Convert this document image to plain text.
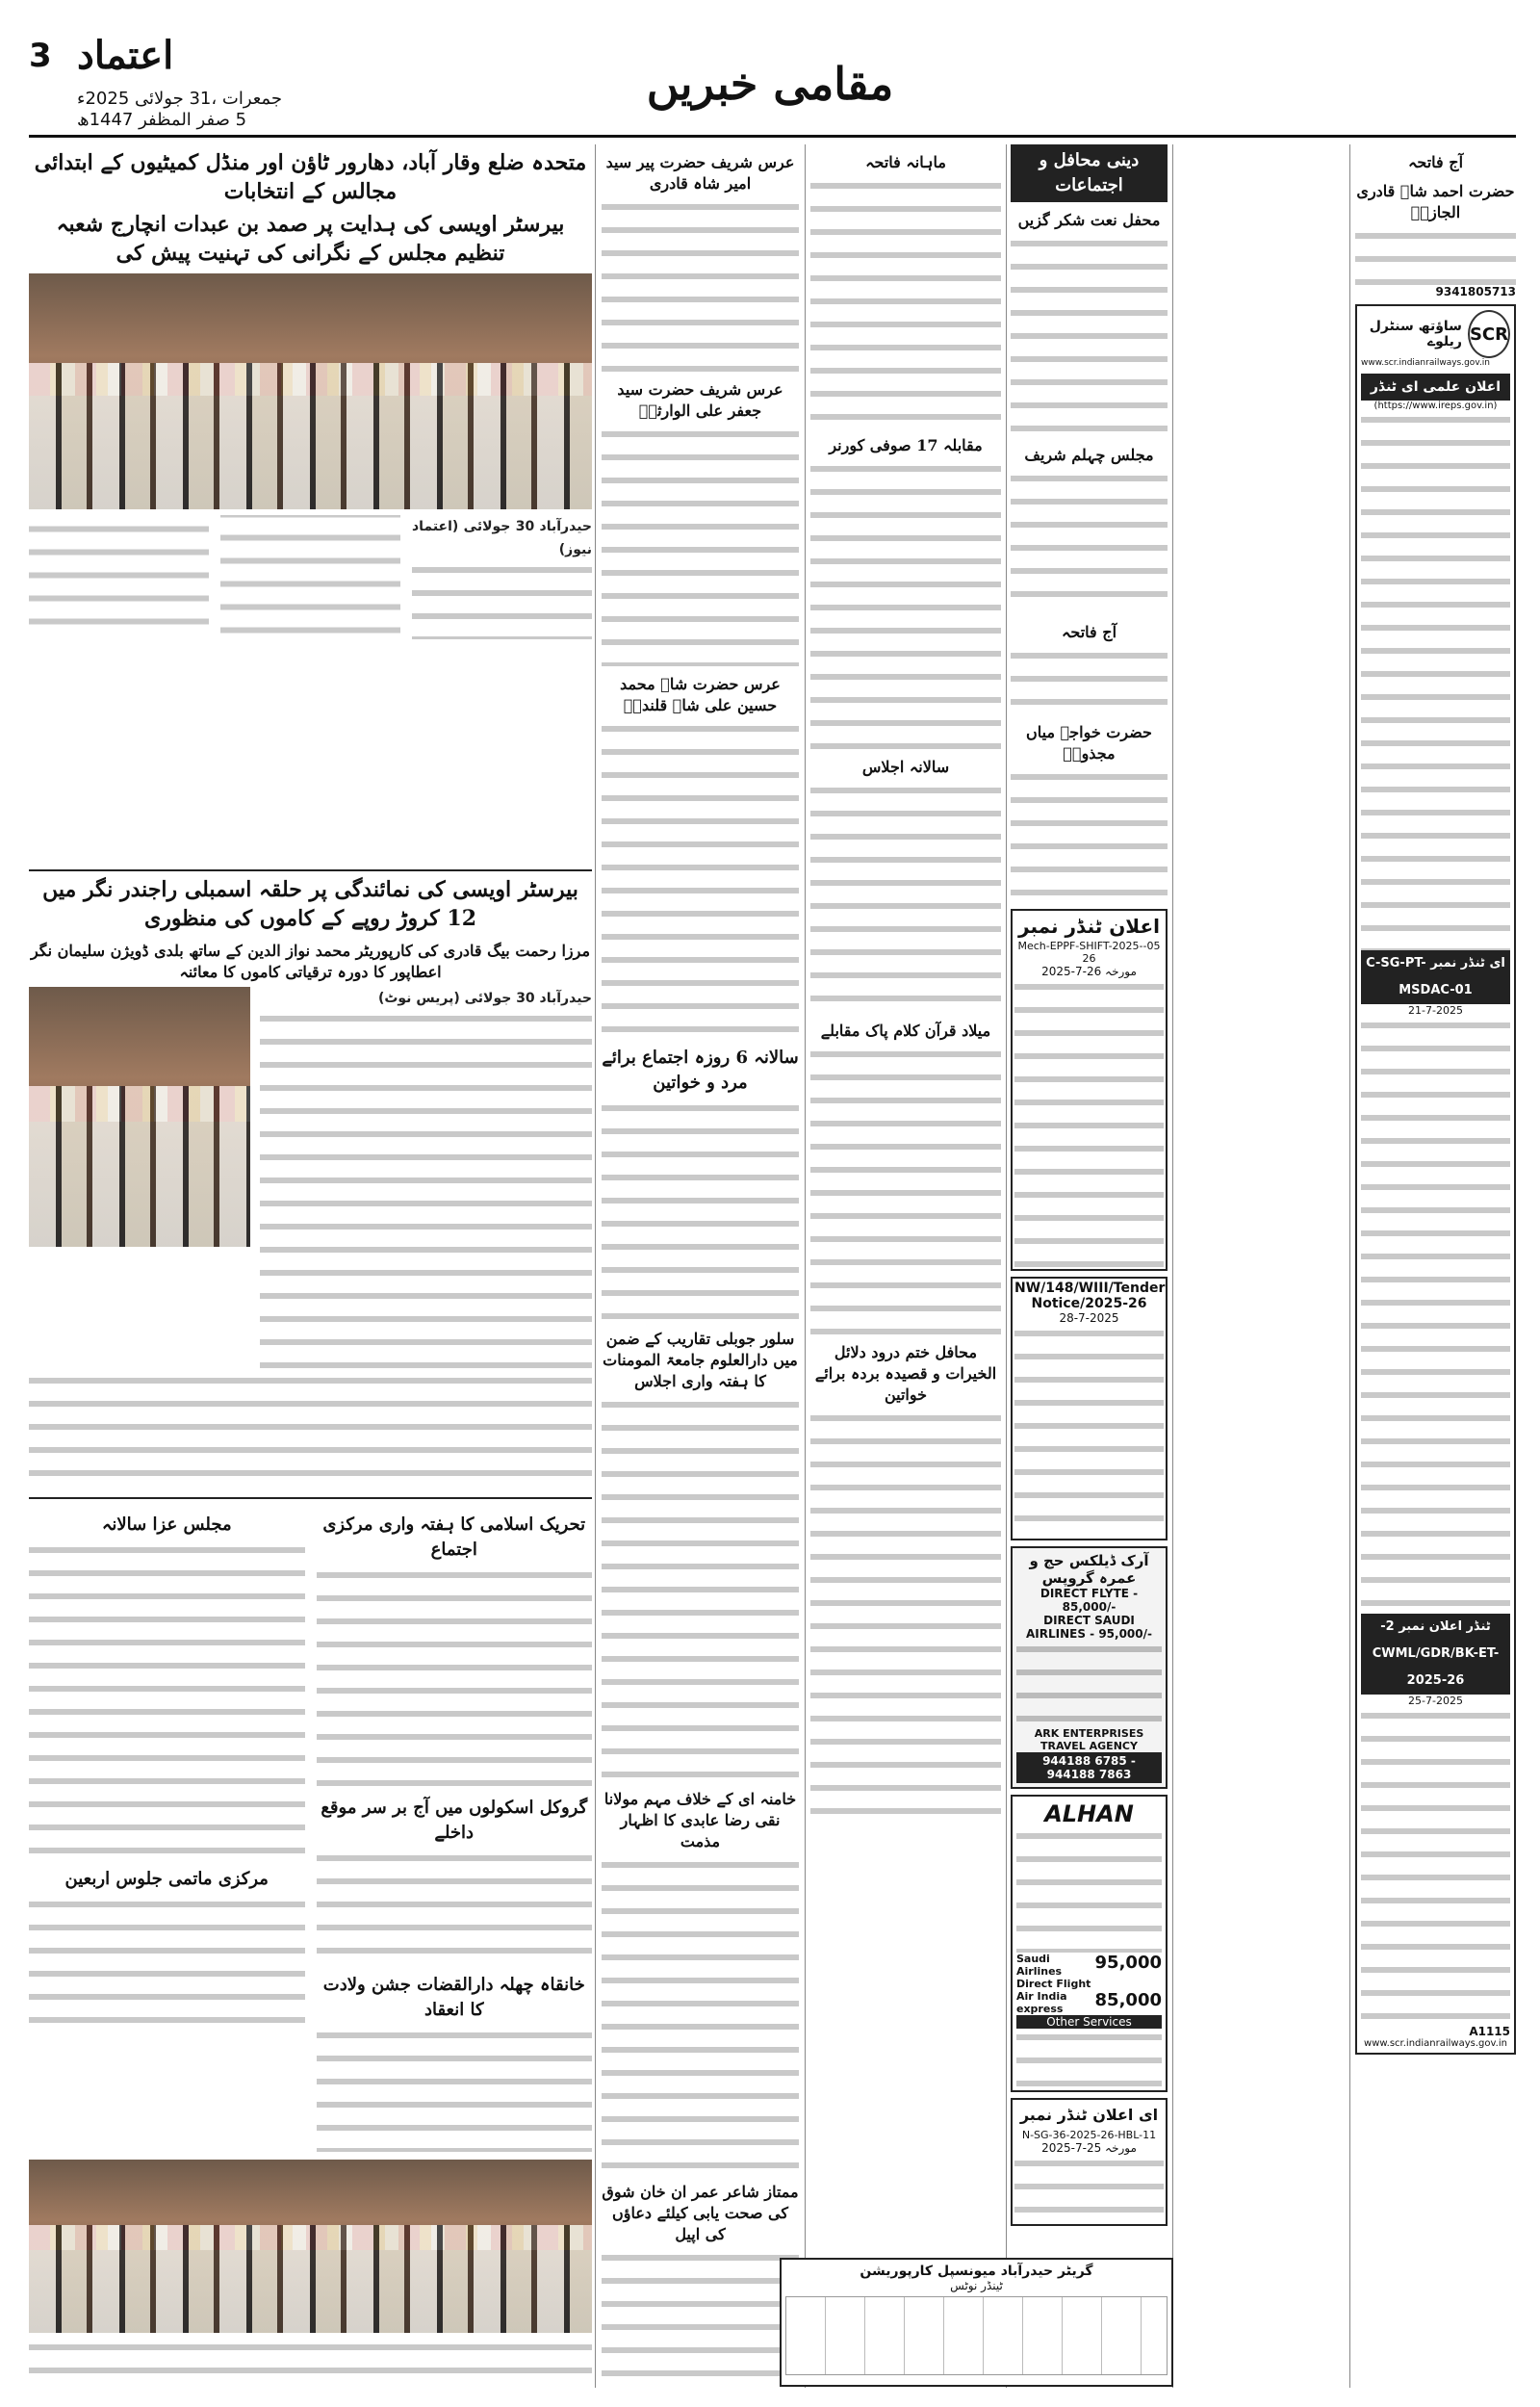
3 اعتماد
جمعرات ،31 جولائی 2025ء
5 صفر المظفر 1447ھ
مقامی خبریں
متحدہ ضلع وقار آباد، دھارور ٹاؤن اور منڈل کمیٹیوں کے ابتدائی مجالس کے انتخابات
بیرسٹر اویسی کی ہدایت پر صمد بن عبدات انچارج شعبہ تنظیم مجلس کے نگرانی کی تہنیت پیش کی
حیدرآباد 30 جولائی (اعتماد نیوز)
بیرسٹر اویسی کی نمائندگی پر حلقہ اسمبلی راجندر نگر میں 12 کروڑ روپے کے کاموں کی منظوری
مرزا رحمت بیگ قادری کی کارپوریٹر محمد نواز الدین کے ساتھ بلدی ڈویژن سلیمان نگر اعطاپور کا دورہ ترقیاتی کاموں کا معائنہ
حیدرآباد 30 جولائی (پریس نوٹ)
تحریک اسلامی کا ہفتہ واری مرکزی اجتماع
گروکل اسکولوں میں آج بر سر موقع داخلے
خانقاہ چھلہ دارالقضات جشن ولادت کا انعقاد
مجلس عزا سالانہ
مرکزی ماتمی جلوس اربعین
عرس شریف حضرت پیر سید امیر شاہ قادری
عرس شریف حضرت سید جعفر علی الوارثیؒ
عرس حضرت شاہ محمد حسین علی شاہ قلندرؒ
سالانہ 6 روزہ اجتماع برائے مرد و خواتین
سلور جوبلی تقاریب کے ضمن میں دارالعلوم جامعۃ المومنات کا ہفتہ واری اجلاس
خامنہ ای کے خلاف مہم مولانا نقی رضا عابدی کا اظہار مذمت
ممتاز شاعر عمر ان خان شوق کی صحت یابی کیلئے دعاؤں کی اپیل
ماہانہ فاتحہ
مقابلہ 17 صوفی کورنر
سالانہ اجلاس
میلاد قرآن کلام پاک مقابلے
محافل ختم درود دلائل الخیرات و قصیدہ بردہ برائے خواتین
دینی محافل و اجتماعات
محفل نعت شکر گزیں
مجلس چہلم شریف
آج فاتحہ
حضرت خواجہ میاں مجذوبؒ
اعلان ٹنڈر نمبر
05-Mech-EPPF-SHIFT-2025-26
مورخہ 26-7-2025
NW/148/WIII/Tender Notice/2025-26
28-7-2025
آرک ڈیلکس حج و عمرہ گروپس
DIRECT FLYTE - 85,000/-
DIRECT SAUDI AIRLINES - 95,000/-
ARK ENTERPRISES TRAVEL AGENCY
944188 6785 - 944188 7863
ALHAN
Saudi Airlines Direct Flight
95,000
Air India express	85,000
Other Services
ای اعلان ٹنڈر نمبر
N-SG-36-2025-26-HBL-11
مورخہ 25-7-2025
آج فاتحہ
حضرت احمد شاہ قادری الجازیؒ
9341805713
SCR
ساؤتھ سنٹرل ریلوے
www.scr.indianrailways.gov.in
اعلان علمی ای ٹنڈر
(https://www.ireps.gov.in)
ای ٹنڈر نمبر C-SG-PT-MSDAC-01
21-7-2025
ٹنڈر اعلان نمبر 2-CWML/GDR/BK-ET-2025-26
25-7-2025
A1115
www.scr.indianrailways.gov.in
گریٹر حیدرآباد میونسپل کارپوریشن
ٹینڈر نوٹس
